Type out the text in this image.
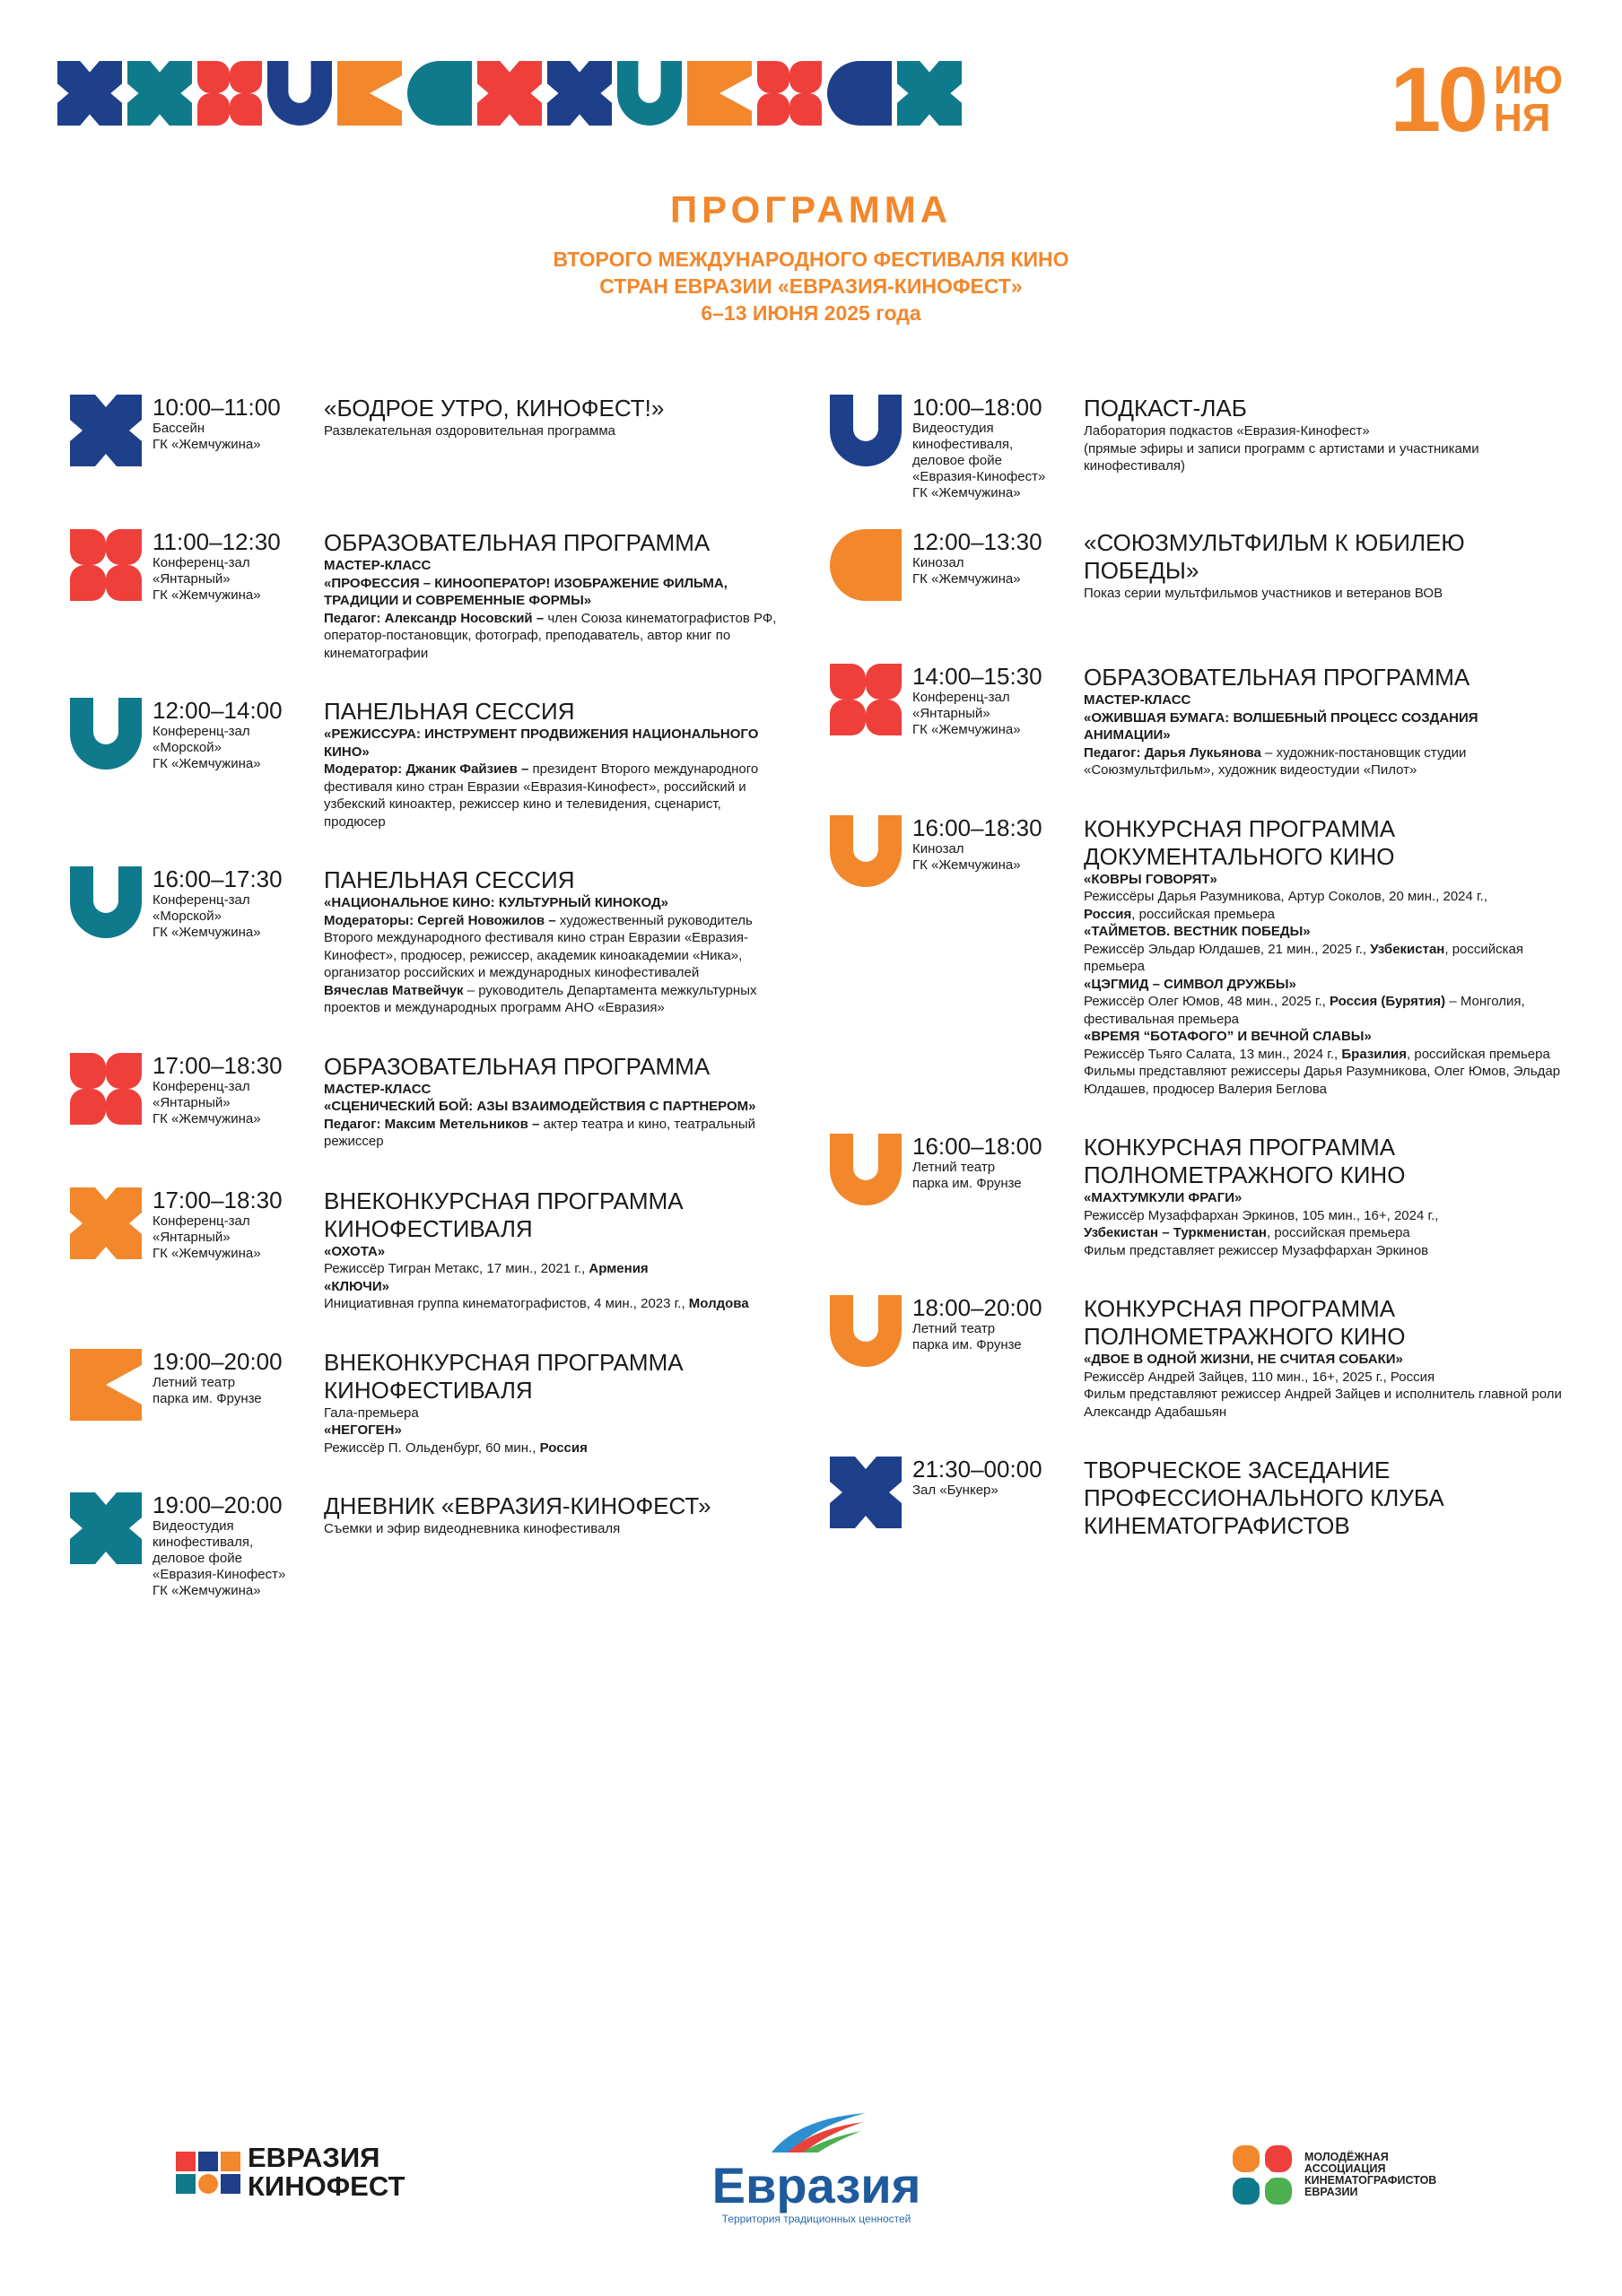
10 ИЮ
НЯ
ПРОГРАММА
ВТОРОГО МЕЖДУНАРОДНОГО ФЕСТИВАЛЯ КИНО
СТРАН ЕВРАЗИИ «ЕВРАЗИЯ-КИНОФЕСТ»
6–13 ИЮНЯ 2025 года
10:00–11:00
Бассейн
ГК «Жемчужина»
«БОДРОЕ УТРО, КИНОФЕСТ!»
Развлекательная оздоровительная программа
11:00–12:30
Конференц-зал
«Янтарный»
ГК «Жемчужина»
ОБРАЗОВАТЕЛЬНАЯ ПРОГРАММА
МАСТЕР-КЛАСС
«ПРОФЕССИЯ – КИНООПЕРАТОР! ИЗОБРАЖЕНИЕ ФИЛЬМА, ТРАДИЦИИ И СОВРЕМЕННЫЕ ФОРМЫ»
Педагог: Александр Носовский – член Союза кинематографистов РФ, оператор-постановщик, фотограф, преподаватель, автор книг по кинематографии
12:00–14:00
Конференц-зал
«Морской»
ГК «Жемчужина»
ПАНЕЛЬНАЯ СЕССИЯ
«РЕЖИССУРА: ИНСТРУМЕНТ ПРОДВИЖЕНИЯ НАЦИОНАЛЬНОГО КИНО»
Модератор: Джаник Файзиев – президент Второго международного фестиваля кино стран Евразии «Евразия-Кинофест», российский и узбекский киноактер, режиссер кино и телевидения, сценарист, продюсер
16:00–17:30
Конференц-зал
«Морской»
ГК «Жемчужина»
ПАНЕЛЬНАЯ СЕССИЯ
«НАЦИОНАЛЬНОЕ КИНО: КУЛЬТУРНЫЙ КИНОКОД»
Модераторы: Сергей Новожилов – художественный руководитель Второго международного фестиваля кино стран Евразии «Евразия-Кинофест», продюсер, режиссер, академик киноакадемии «Ника», организатор российских и международных кинофестивалей
Вячеслав Матвейчук – руководитель Департамента межкультурных проектов и международных программ АНО «Евразия»
17:00–18:30
Конференц-зал
«Янтарный»
ГК «Жемчужина»
ОБРАЗОВАТЕЛЬНАЯ ПРОГРАММА
МАСТЕР-КЛАСС
«СЦЕНИЧЕСКИЙ БОЙ: АЗЫ ВЗАИМОДЕЙСТВИЯ С ПАРТНЕРОМ»
Педагог: Максим Метельников – актер театра и кино, театральный режиссер
17:00–18:30
Конференц-зал
«Янтарный»
ГК «Жемчужина»
ВНЕКОНКУРСНАЯ ПРОГРАММА КИНОФЕСТИВАЛЯ
«ОХОТА»
Режиссёр Тигран Метакс, 17 мин., 2021 г., Армения
«КЛЮЧИ»
Инициативная группа кинематографистов, 4 мин., 2023 г., Молдова
19:00–20:00
Летний театр
парка им. Фрунзе
ВНЕКОНКУРСНАЯ ПРОГРАММА КИНОФЕСТИВАЛЯ
Гала-премьера
«НЕГОГЕН»
Режиссёр П. Ольденбург, 60 мин., Россия
19:00–20:00
Видеостудия
кинофестиваля,
деловое фойе
«Евразия-Кинофест»
ГК «Жемчужина»
ДНЕВНИК «ЕВРАЗИЯ-КИНОФЕСТ»
Съемки и эфир видеодневника кинофестиваля
10:00–18:00
Видеостудия
кинофестиваля,
деловое фойе
«Евразия-Кинофест»
ГК «Жемчужина»
ПОДКАСТ-ЛАБ
Лаборатория подкастов «Евразия-Кинофест»
(прямые эфиры и записи программ с артистами и участниками кинофестиваля)
12:00–13:30
Кинозал
ГК «Жемчужина»
«СОЮЗМУЛЬТФИЛЬМ К ЮБИЛЕЮ ПОБЕДЫ»
Показ серии мультфильмов участников и ветеранов ВОВ
14:00–15:30
Конференц-зал
«Янтарный»
ГК «Жемчужина»
ОБРАЗОВАТЕЛЬНАЯ ПРОГРАММА
МАСТЕР-КЛАСС
«ОЖИВШАЯ БУМАГА: ВОЛШЕБНЫЙ ПРОЦЕСС СОЗДАНИЯ АНИМАЦИИ»
Педагог: Дарья Лукьянова – художник-постановщик студии «Союзмультфильм», художник видеостудии «Пилот»
16:00–18:30
Кинозал
ГК «Жемчужина»
КОНКУРСНАЯ ПРОГРАММА ДОКУМЕНТАЛЬНОГО КИНО
«КОВРЫ ГОВОРЯТ»
Режиссёры Дарья Разумникова, Артур Соколов, 20 мин., 2024 г.,
Россия, российская премьера
«ТАЙМЕТОВ. ВЕСТНИК ПОБЕДЫ»
Режиссёр Эльдар Юлдашев, 21 мин., 2025 г., Узбекистан, российская премьера
«ЦЭГМИД – СИМВОЛ ДРУЖБЫ»
Режиссёр Олег Юмов, 48 мин., 2025 г., Россия (Бурятия) – Монголия, фестивальная премьера
«ВРЕМЯ “БОТАФОГО” И ВЕЧНОЙ СЛАВЫ»
Режиссёр Тьяго Салата, 13 мин., 2024 г., Бразилия, российская премьера
Фильмы представляют режиссеры Дарья Разумникова, Олег Юмов, Эльдар Юлдашев, продюсер Валерия Беглова
16:00–18:00
Летний театр
парка им. Фрунзе
КОНКУРСНАЯ ПРОГРАММА ПОЛНОМЕТРАЖНОГО КИНО
«МАХТУМКУЛИ ФРАГИ»
Режиссёр Музаффархан Эркинов, 105 мин., 16+, 2024 г.,
Узбекистан – Туркменистан, российская премьера
Фильм представляет режиссер Музаффархан Эркинов
18:00–20:00
Летний театр
парка им. Фрунзе
КОНКУРСНАЯ ПРОГРАММА ПОЛНОМЕТРАЖНОГО КИНО
«ДВОЕ В ОДНОЙ ЖИЗНИ, НЕ СЧИТАЯ СОБАКИ»
Режиссёр Андрей Зайцев, 110 мин., 16+, 2025 г., Россия
Фильм представляют режиссер Андрей Зайцев и исполнитель главной роли Александр Адабашьян
21:30–00:00
Зал «Бункер»
ТВОРЧЕСКОЕ ЗАСЕДАНИЕ ПРОФЕССИОНАЛЬНОГО КЛУБА КИНЕМАТОГРАФИСТОВ
ЕВРАЗИЯ
КИНОФЕСТ	Евразия
Территория традиционных ценностей
МОЛОДЁЖНАЯ
АССОЦИАЦИЯ
КИНЕМАТОГРАФИСТОВ
ЕВРАЗИИ
